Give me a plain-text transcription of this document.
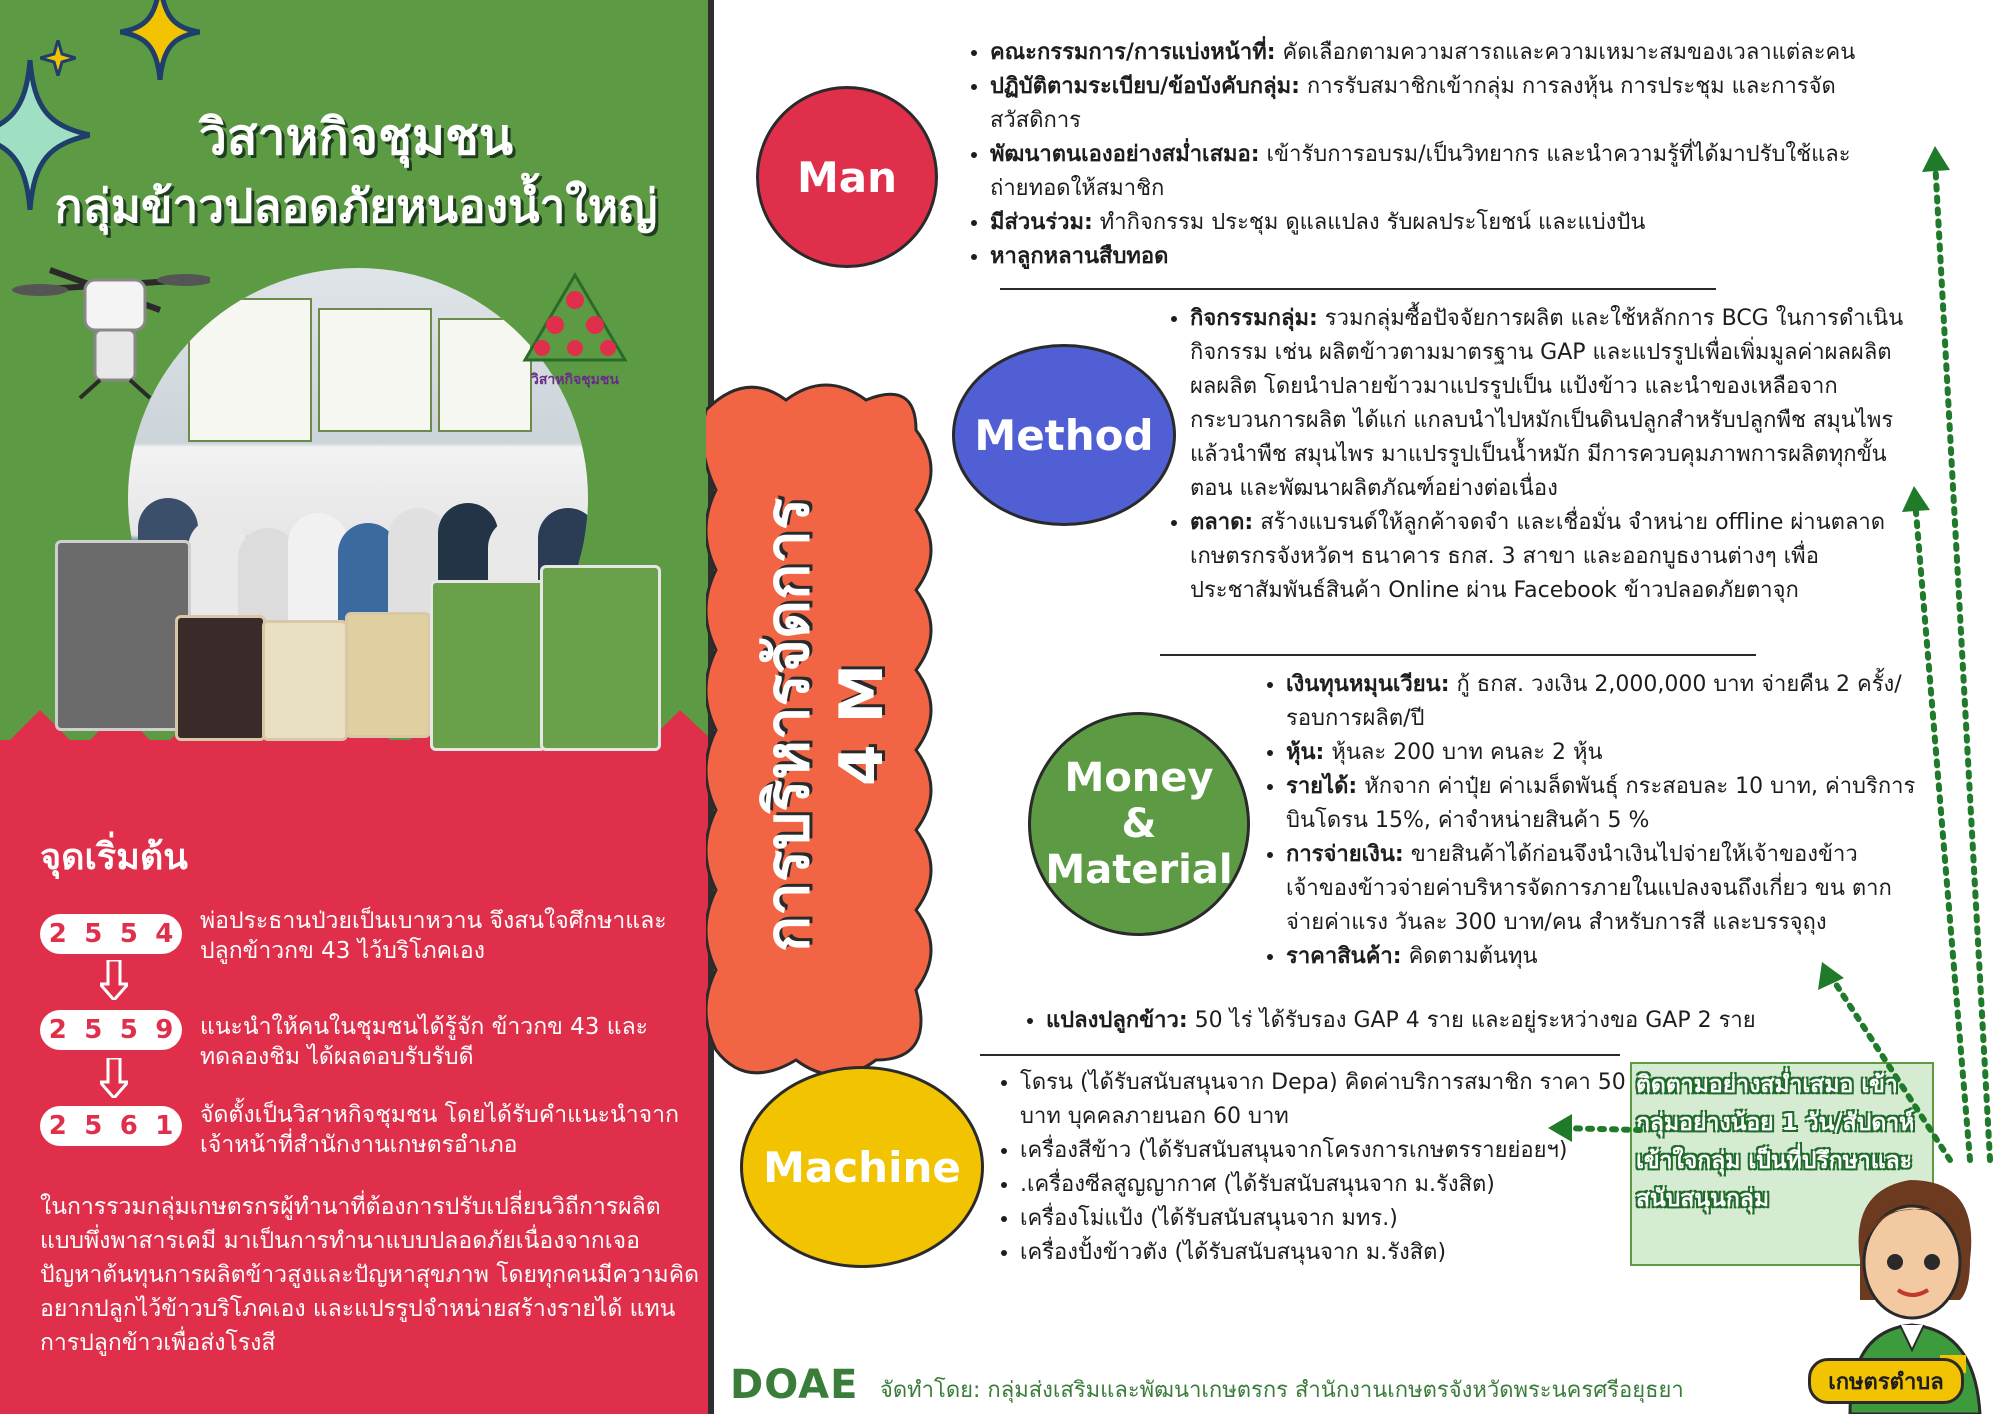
วิสาหกิจชุมชน
กลุ่มข้าวปลอดภัยหนองน้ำใหญ่
วิสาหกิจชุมชน
จุดเริ่มต้น
2 5 5 4 พ่อประธานป่วยเป็นเบาหวาน จึงสนใจศึกษาและปลูกข้าวกข 43 ไว้บริโภคเอง
2 5 5 9 แนะนำให้คนในชุมชนได้รู้จัก ข้าวกข 43 และทดลองชิม ได้ผลตอบรับรับดี
2 5 6 1 จัดตั้งเป็นวิสาหกิจชุมชน โดยได้รับคำแนะนำจากเจ้าหน้าที่สำนักงานเกษตรอำเภอ
ในการรวมกลุ่มเกษตรกรผู้ทำนาที่ต้องการปรับเปลี่ยนวิถีการผลิตแบบพึ่งพาสารเคมี มาเป็นการทำนาแบบปลอดภัยเนื่องจากเจอปัญหาต้นทุนการผลิตข้าวสูงและปัญหาสุขภาพ โดยทุกคนมีความคิดอยากปลูกไว้ข้าวบริโภคเอง และแปรรูปจำหน่ายสร้างรายได้ แทนการปลูกข้าวเพื่อส่งโรงสี
การบริหารจัดการ 4 M
Man
• คณะกรรมการ/การแบ่งหน้าที่: คัดเลือกตามความสารถและความเหมาะสมของเวลาแต่ละคน
• ปฏิบัติตามระเบียบ/ข้อบังคับกลุ่ม: การรับสมาชิกเข้ากลุ่ม การลงหุ้น การประชุม และการจัดสวัสดิการ
• พัฒนาตนเองอย่างสม่ำเสมอ: เข้ารับการอบรม/เป็นวิทยากร และนำความรู้ที่ได้มาปรับใช้และถ่ายทอดให้สมาชิก
• มีส่วนร่วม: ทำกิจกรรม ประชุม ดูแลแปลง รับผลประโยชน์ และแบ่งปัน
• หาลูกหลานสืบทอด
Method
• กิจกรรมกลุ่ม: รวมกลุ่มซื้อปัจจัยการผลิต และใช้หลักการ BCG ในการดำเนินกิจกรรม เช่น ผลิตข้าวตามมาตรฐาน GAP และแปรรูปเพื่อเพิ่มมูลค่าผลผลิตผลผลิต โดยนำปลายข้าวมาแปรรูปเป็น แป้งข้าว และนำของเหลือจากกระบวนการผลิต ได้แก่ แกลบนำไปหมักเป็นดินปลูกสำหรับปลูกพืช สมุนไพร แล้วนำพืช สมุนไพร มาแปรรูปเป็นน้ำหมัก มีการควบคุมภาพการผลิตทุกขั้นตอน และพัฒนาผลิตภัณฑ์อย่างต่อเนื่อง
• ตลาด: สร้างแบรนด์ให้ลูกค้าจดจำ และเชื่อมั่น จำหน่าย offline ผ่านตลาดเกษตรกรจังหวัดฯ ธนาคาร ธกส. 3 สาขา และออกบูธงานต่างๆ เพื่อประชาสัมพันธ์สินค้า Online ผ่าน Facebook ข้าวปลอดภัยตาจุก
Money
&
Material
• เงินทุนหมุนเวียน: กู้ ธกส. วงเงิน 2,000,000 บาท จ่ายคืน 2 ครั้ง/รอบการผลิต/ปี
• หุ้น: หุ้นละ 200 บาท คนละ 2 หุ้น
• รายได้: หักจาก ค่าปุ๋ย ค่าเมล็ดพันธุ์ กระสอบละ 10 บาท, ค่าบริการบินโดรน 15%, ค่าจำหน่ายสินค้า 5 %
• การจ่ายเงิน: ขายสินค้าได้ก่อนจึงนำเงินไปจ่ายให้เจ้าของข้าว เจ้าของข้าวจ่ายค่าบริหารจัดการภายในแปลงจนถึงเกี่ยว ขน ตาก จ่ายค่าแรง วันละ 300 บาท/คน สำหรับการสี และบรรจุถุง
• ราคาสินค้า: คิดตามต้นทุน
• แปลงปลูกข้าว: 50 ไร่ ได้รับรอง GAP 4 ราย และอยู่ระหว่างขอ GAP 2 ราย
Machine
• โดรน (ได้รับสนับสนุนจาก Depa) คิดค่าบริการสมาชิก ราคา 50 บาท บุคคลภายนอก 60 บาท
• เครื่องสีข้าว (ได้รับสนับสนุนจากโครงการเกษตรรายย่อยฯ)
• .เครื่องซีลสูญญากาศ (ได้รับสนับสนุนจาก ม.รังสิต)
• เครื่องโม่แป้ง (ได้รับสนับสนุนจาก มทร.)
• เครื่องปั้งข้าวตัง (ได้รับสนับสนุนจาก ม.รังสิต)
ติดตามอย่างสม่ำเสมอ เข้ากลุ่มอย่างน้อย 1 วัน/สัปดาห์ เข้าใจกลุ่ม เป็นที่ปรึกษาและสนับสนุนกลุ่ม
เกษตรตำบล
DOAE จัดทำโดย: กลุ่มส่งเสริมและพัฒนาเกษตรกร สำนักงานเกษตรจังหวัดพระนครศรีอยุธยา
